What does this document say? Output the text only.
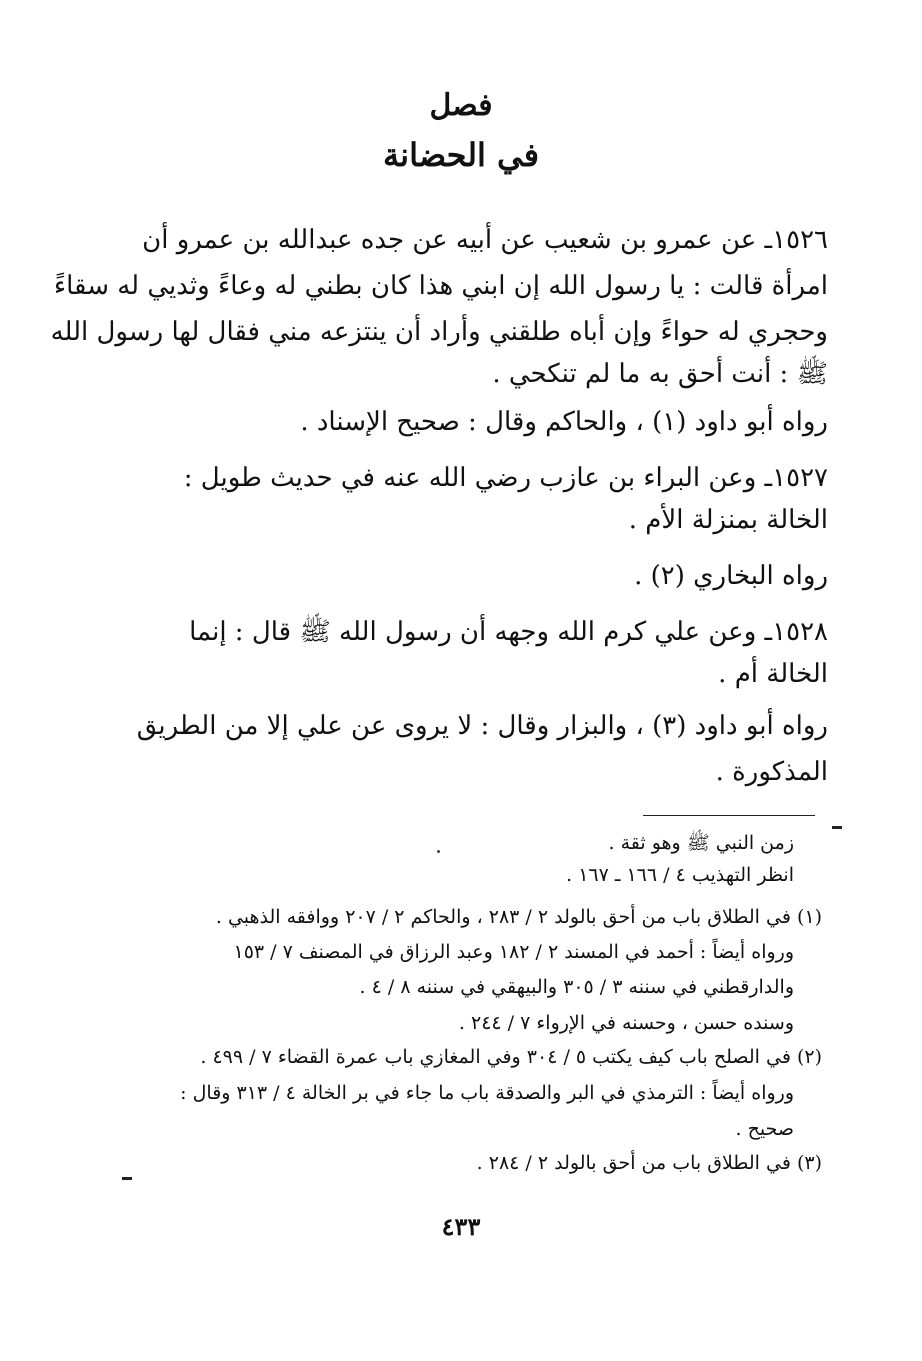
فصل
في الحضانة

١٥٢٦ـ عن عمرو بن شعيب عن أبيه عن جده عبدالله بن عمرو أن

امرأة قالت : يا رسول الله إن ابني هذا كان بطني له وعاءً وثديي له سقاءً

وحجري له حواءً وإن أباه طلقني وأراد أن ينتزعه مني فقال لها رسول الله

ﷺ : أنت أحق به ما لم تنكحي .

رواه أبو داود (١) ، والحاكم وقال : صحيح الإسناد .

١٥٢٧ـ وعن البراء بن عازب رضي الله عنه في حديث طويل :

الخالة بمنزلة الأم .

رواه البخاري (٢) .

١٥٢٨ـ وعن علي كرم الله وجهه أن رسول الله ﷺ قال : إنما

الخالة أم .

رواه أبو داود (٣) ، والبزار وقال : لا يروى عن علي إلا من الطريق

المذكورة .

زمن النبي ﷺ وهو ثقة .

انظر التهذيب ٤ / ١٦٦ ـ ١٦٧ .

(١) في الطلاق باب من أحق بالولد ٢ / ٢٨٣ ، والحاكم ٢ / ٢٠٧ ووافقه الذهبي .

ورواه أيضاً : أحمد في المسند ٢ / ١٨٢ وعبد الرزاق في المصنف ٧ / ١٥٣

والدارقطني في سننه ٣ / ٣٠٥ والبيهقي في سننه ٨ / ٤ .

وسنده حسن ، وحسنه في الإرواء ٧ / ٢٤٤ .

(٢) في الصلح باب كيف يكتب ٥ / ٣٠٤ وفي المغازي باب عمرة القضاء ٧ / ٤٩٩ .

ورواه أيضاً : الترمذي في البر والصدقة باب ما جاء في بر الخالة ٤ / ٣١٣ وقال :

صحيح .

(٣) في الطلاق باب من أحق بالولد ٢ / ٢٨٤ .

٤٣٣
